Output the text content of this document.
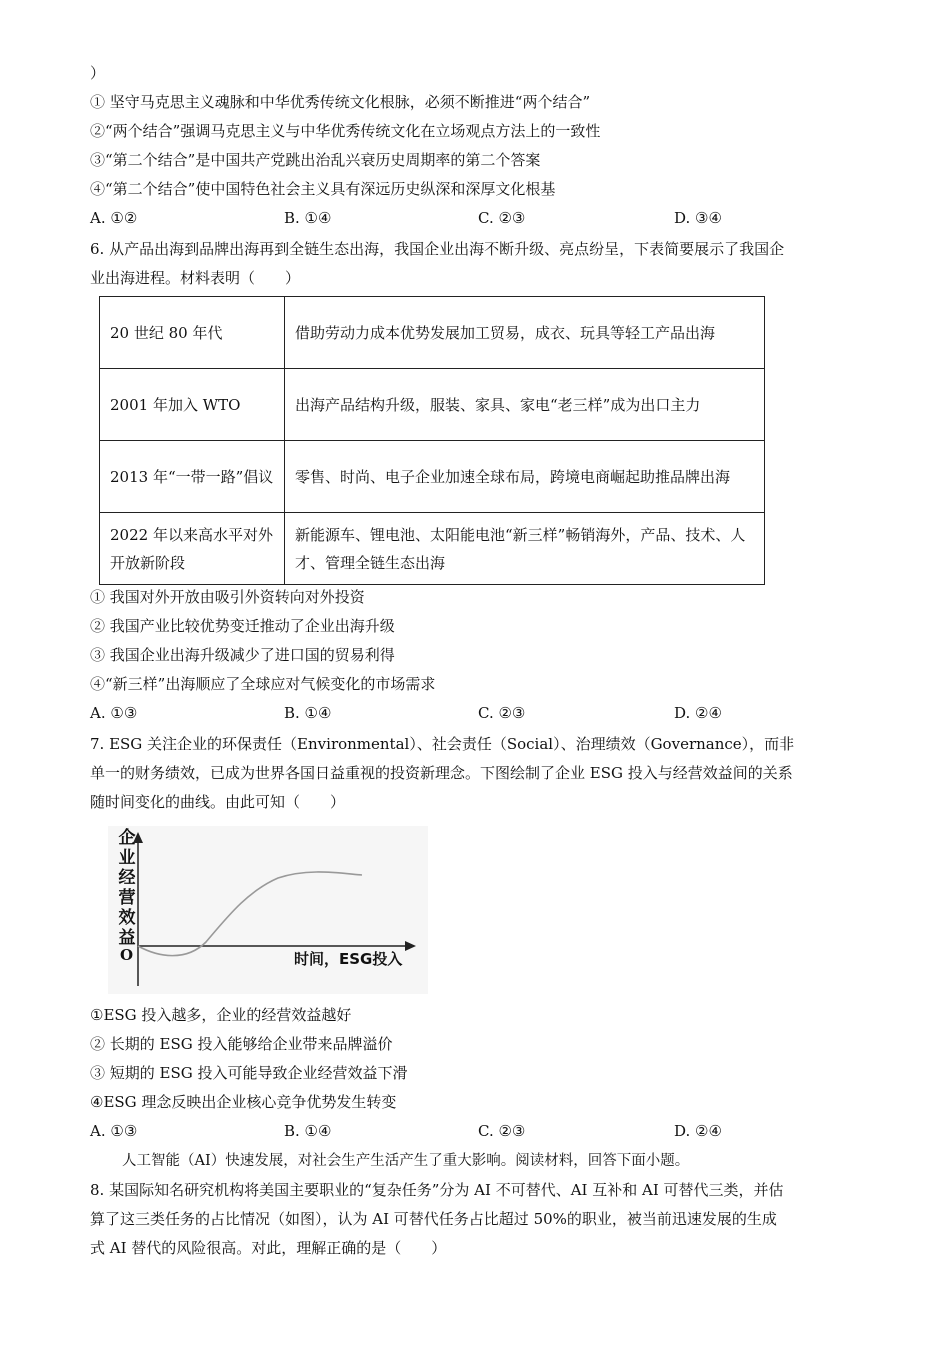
）
① 坚守马克思主义魂脉和中华优秀传统文化根脉，必须不断推进“两个结合”
②“两个结合”强调马克思主义与中华优秀传统文化在立场观点方法上的一致性
③“第二个结合”是中国共产党跳出治乱兴衰历史周期率的第二个答案
④“第二个结合”使中国特色社会主义具有深远历史纵深和深厚文化根基
A. ①②	B. ①④	C. ②③	D. ③④
6. 从产品出海到品牌出海再到全链生态出海，我国企业出海不断升级、亮点纷呈，下表简要展示了我国企
业出海进程。材料表明（　　）
20 世纪 80 年代	借助劳动力成本优势发展加工贸易，成衣、玩具等轻工产品出海
2001 年加入 WTO	出海产品结构升级，服装、家具、家电“老三样”成为出口主力
2013 年“一带一路”倡议	零售、时尚、电子企业加速全球布局，跨境电商崛起助推品牌出海
2022 年以来高水平对外开放新阶段	新能源车、锂电池、太阳能电池“新三样”畅销海外，产品、技术、人才、管理全链生态出海
① 我国对外开放由吸引外资转向对外投资
② 我国产业比较优势变迁推动了企业出海升级
③ 我国企业出海升级减少了进口国的贸易利得
④“新三样”出海顺应了全球应对气候变化的市场需求
A. ①③	B. ①④	C. ②③	D. ②④
7. ESG 关注企业的环保责任（Environmental）、社会责任（Social）、治理绩效（Governance），而非
单一的财务绩效，已成为世界各国日益重视的投资新理念。下图绘制了企业 ESG 投入与经营效益间的关系
随时间变化的曲线。由此可知（　　）
企业经营效益
O	时间，ESG投入
①ESG 投入越多，企业的经营效益越好
② 长期的 ESG 投入能够给企业带来品牌溢价
③ 短期的 ESG 投入可能导致企业经营效益下滑
④ESG 理念反映出企业核心竞争优势发生转变
A. ①③	B. ①④	C. ②③	D. ②④
人工智能（AI）快速发展，对社会生产生活产生了重大影响。阅读材料，回答下面小题。
8. 某国际知名研究机构将美国主要职业的“复杂任务”分为 AI 不可替代、AI 互补和 AI 可替代三类，并估
算了这三类任务的占比情况（如图），认为 AI 可替代任务占比超过 50%的职业，被当前迅速发展的生成
式 AI 替代的风险很高。对此，理解正确的是（　　）
